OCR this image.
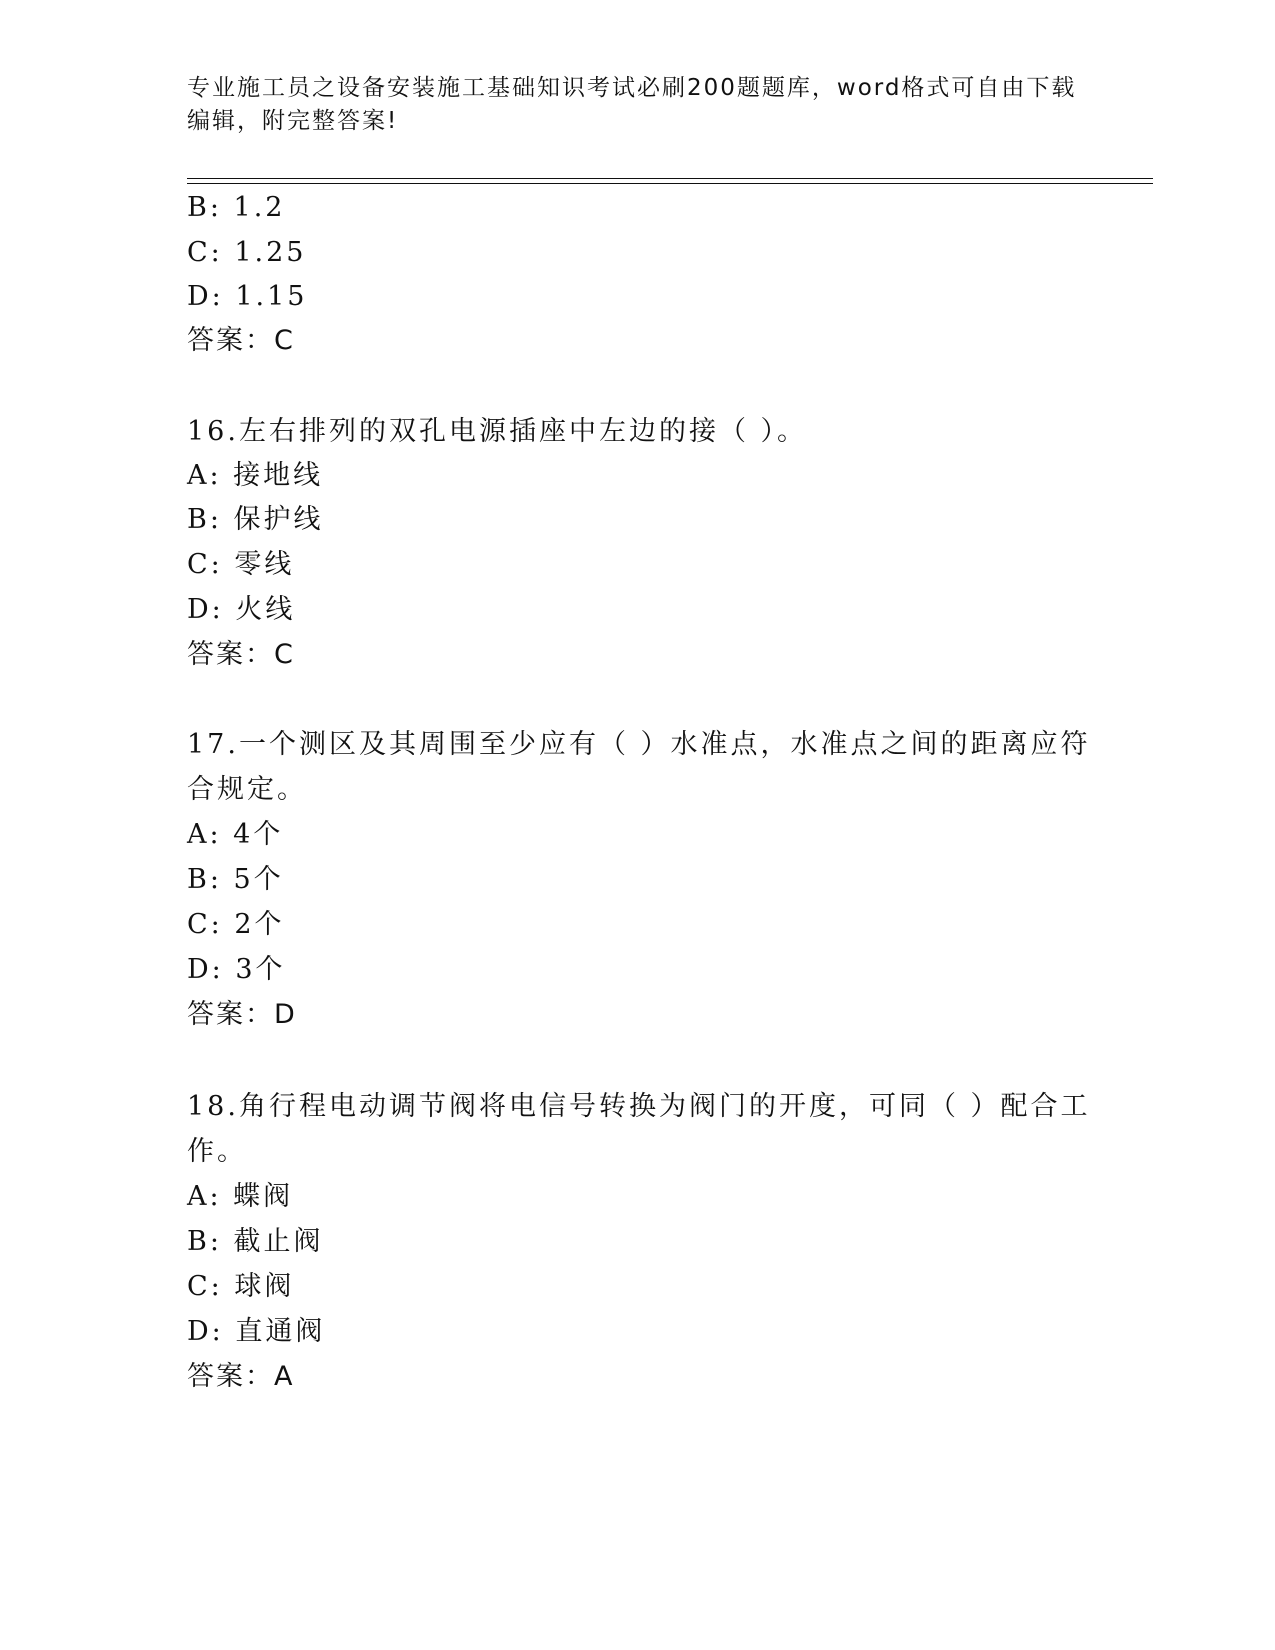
专业施工员之设备安装施工基础知识考试必刷200题题库，word格式可自由下载
编辑，附完整答案!
B: 1.2
C: 1.25
D: 1.15
答案：C
16.左右排列的双孔电源插座中左边的接（ ）。
A: 接地线
B: 保护线
C: 零线
D: 火线
答案：C
17.一个测区及其周围至少应有（ ）水准点，水准点之间的距离应符
合规定。
A: 4个
B: 5个
C: 2个
D: 3个
答案：D
18.角行程电动调节阀将电信号转换为阀门的开度，可同（ ）配合工
作。
A: 蝶阀
B: 截止阀
C: 球阀
D: 直通阀
答案：A
